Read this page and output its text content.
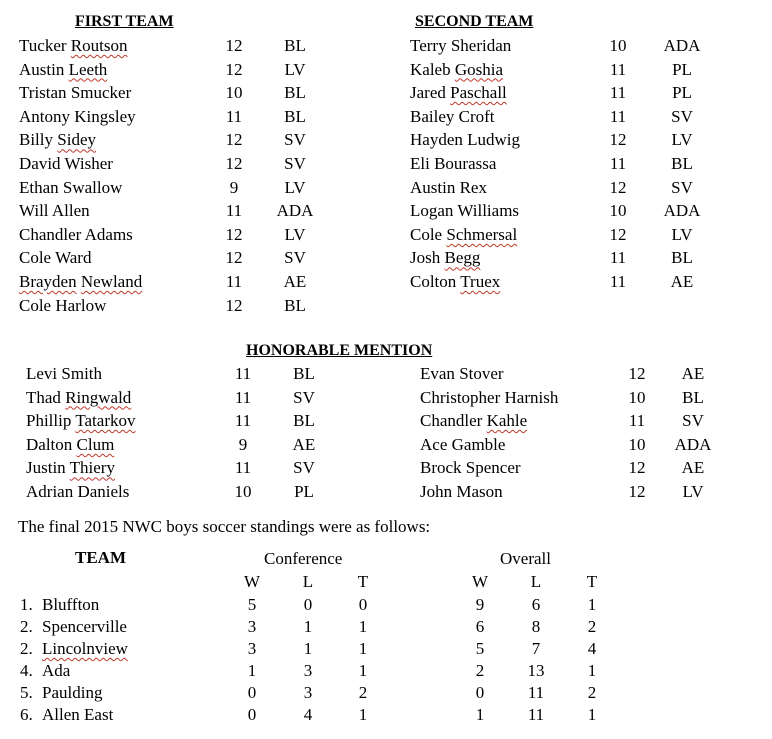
FIRST TEAM	SECOND TEAM
Tucker Routson	12	BL
Austin Leeth	12	LV
Tristan Smucker	10	BL
Antony Kingsley	11	BL
Billy Sidey	12	SV
David Wisher	12	SV
Ethan Swallow	9	LV
Will Allen	11 ADA
Chandler Adams	12	LV
Cole Ward	12	SV
Brayden Newland	11	AE
Cole Harlow	12	BL
Terry Sheridan	10 ADA
Kaleb Goshia	11	PL
Jared Paschall	11	PL
Bailey Croft	11	SV
Hayden Ludwig	12	LV
Eli Bourassa	11	BL
Austin Rex	12	SV
Logan Williams	10 ADA
Cole Schmersal	12	LV
Josh Begg	11	BL
Colton Truex	11	AE
HONORABLE MENTION
Levi Smith	11	BL
Thad Ringwald	11	SV
Phillip Tatarkov	11	BL
Dalton Clum	9	AE
Justin Thiery	11	SV
Adrian Daniels	10	PL
Evan Stover	12	AE
Christopher Harnish	10	BL
Chandler Kahle	11	SV
Ace Gamble	10 ADA
Brock Spencer	12	AE
John Mason	12	LV
The final 2015 NWC boys soccer standings were as follows:
TEAM	Conference	Overall
W	L	T	W	L	T
1. Bluffton	5	0	0	9	6	1
2. Spencerville	3	1	1	6	8	2
2. Lincolnview	3	1	1	5	7	4
4. Ada	1	3	1	2	13	1
5. Paulding	0	3	2	0	11	2
6. Allen East	0	4	1	1	11	1
